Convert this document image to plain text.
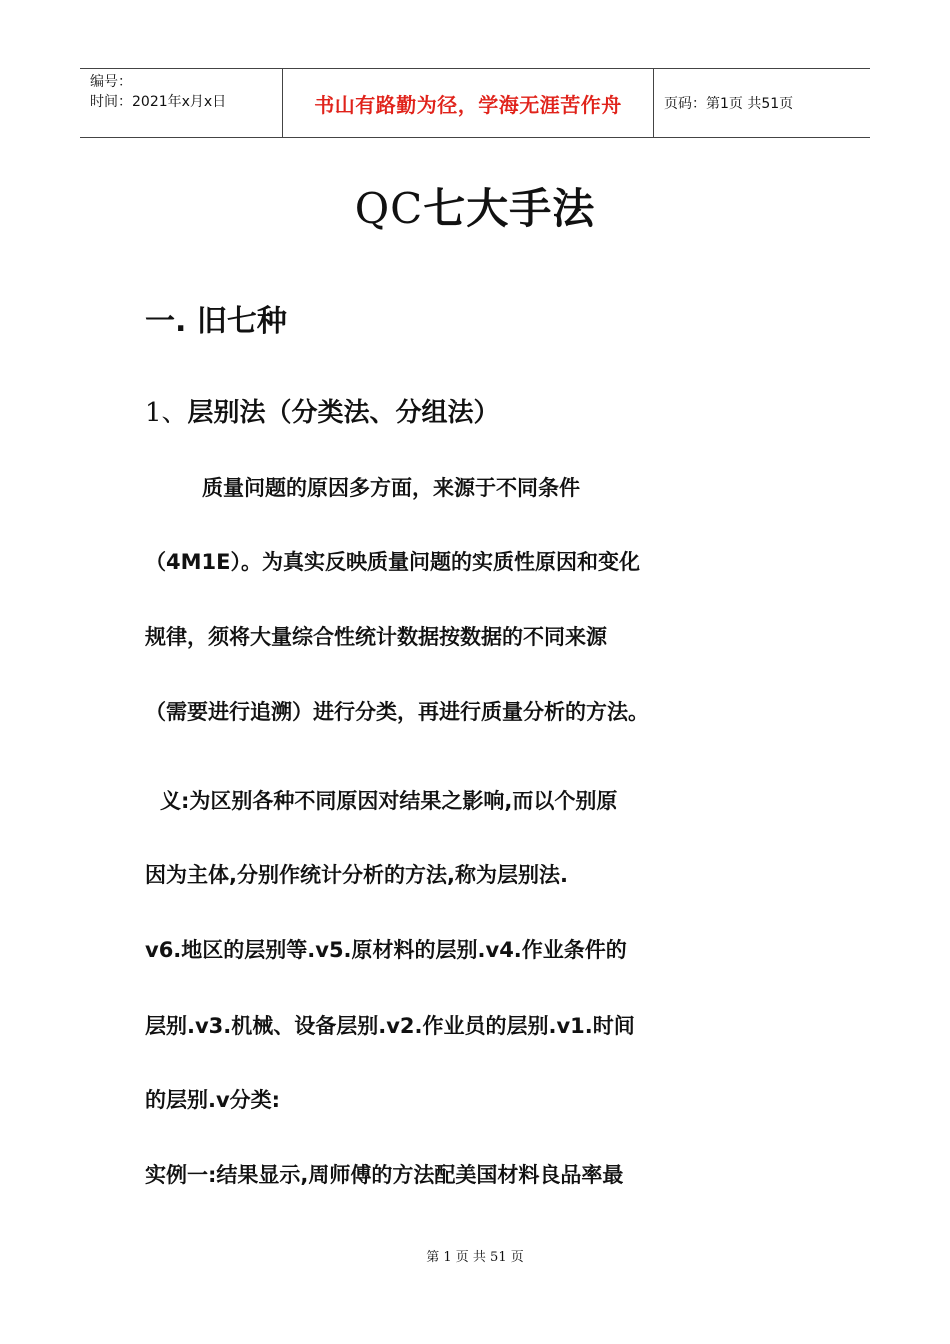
编号：
时间：2021年x月x日	书山有路勤为径，学海无涯苦作舟	页码：第1页 共51页
QC七大手法
一. 旧七种
1、层别法（分类法、分组法）
质量问题的原因多方面，来源于不同条件
（4M1E）。为真实反映质量问题的实质性原因和变化
规律，须将大量综合性统计数据按数据的不同来源
（需要进行追溯）进行分类，再进行质量分析的方法。
义:为区别各种不同原因对结果之影响,而以个别原
因为主体,分别作统计分析的方法,称为层别法.
v6.地区的层别等.v5.原材料的层别.v4.作业条件的
层别.v3.机械、设备层别.v2.作业员的层别.v1.时间
的层别.v分类:
实例一:结果显示,周师傅的方法配美国材料良品率最
第 1 页 共 51 页
